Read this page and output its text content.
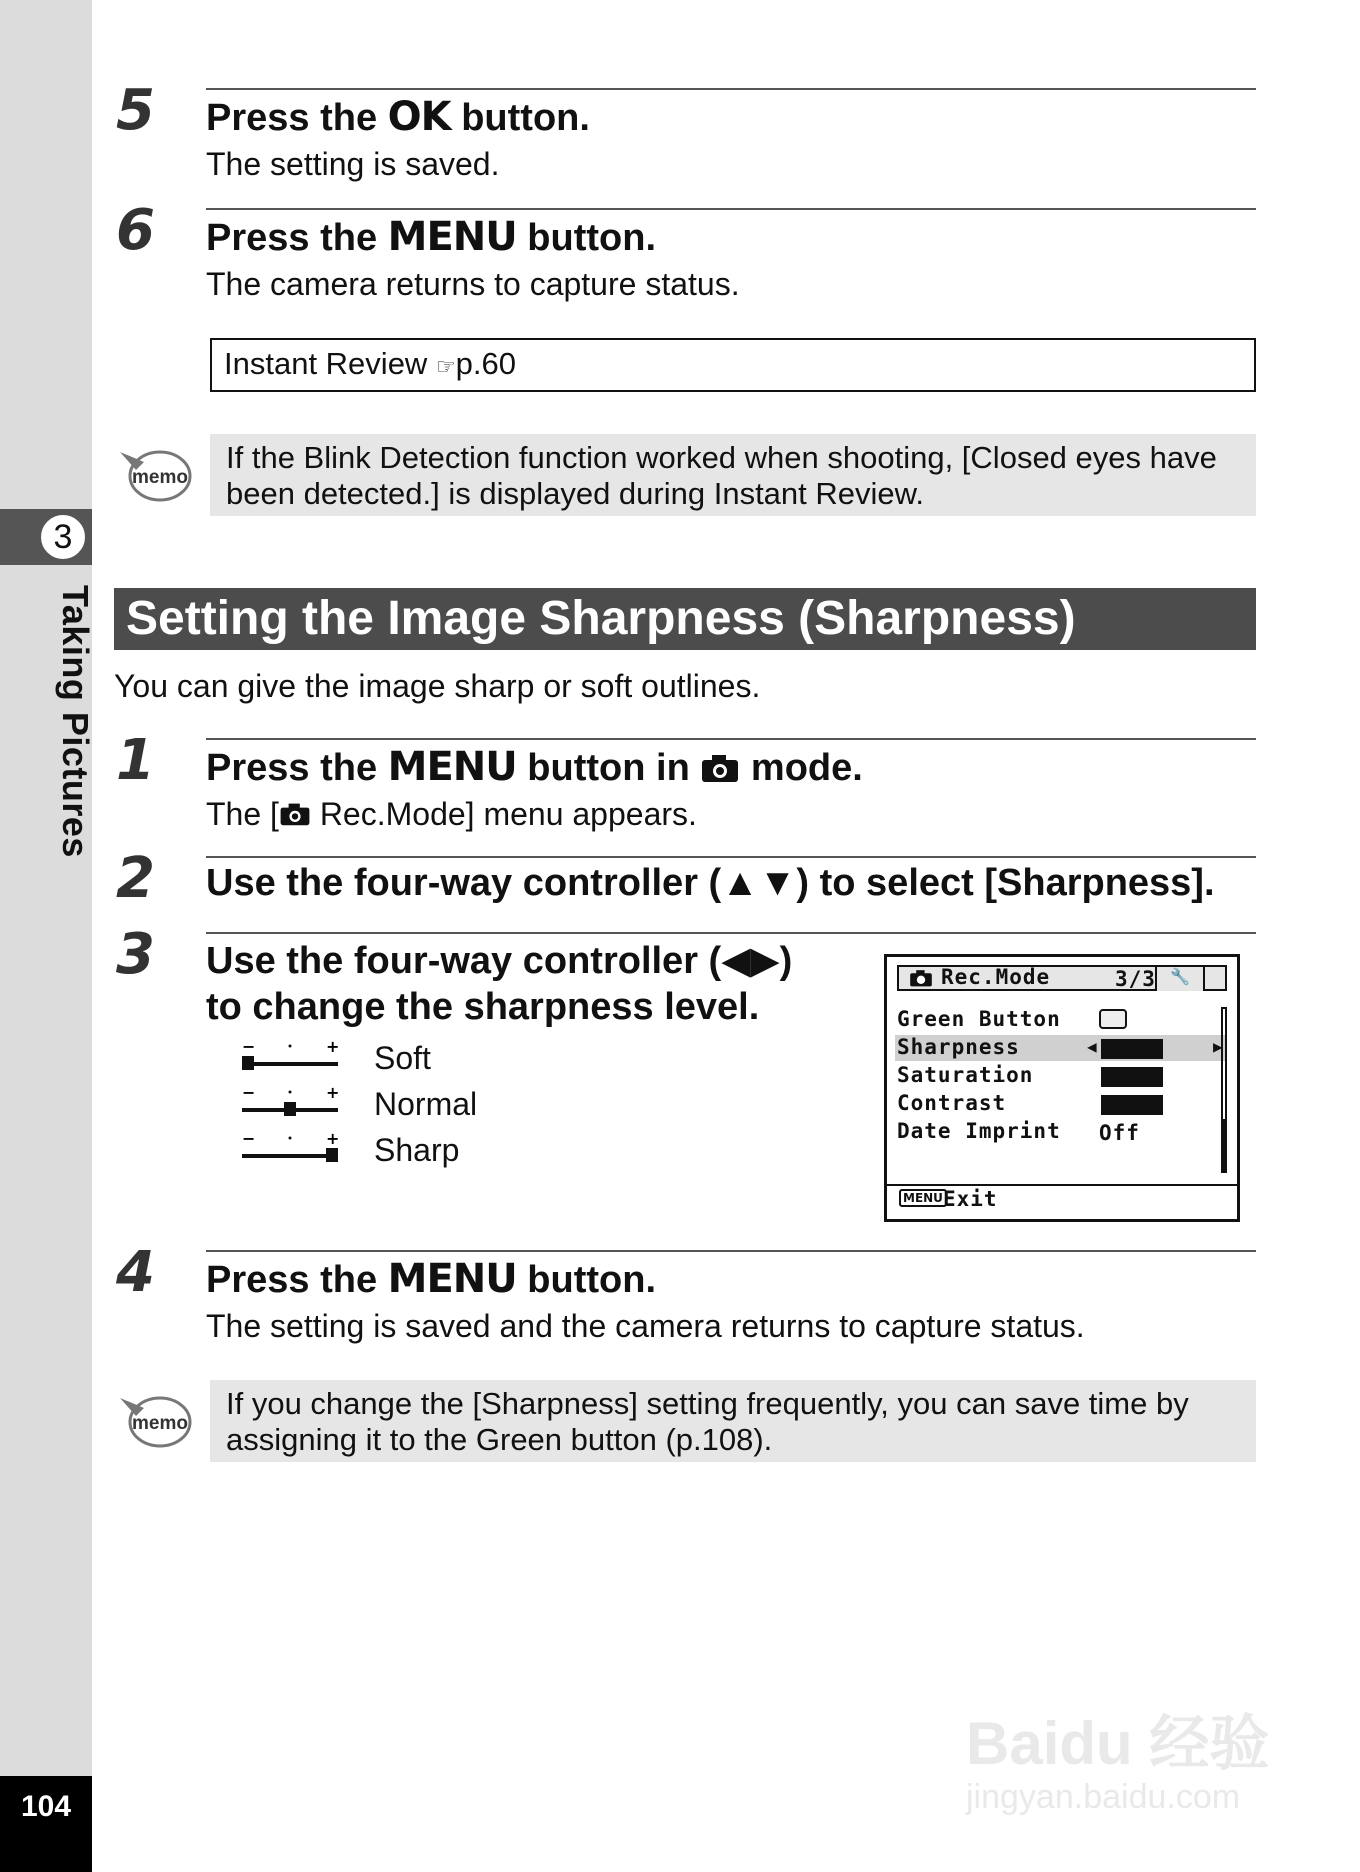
3
Taking Pictures
104
5 Press the OK button.
The setting is saved.
6 Press the MENU button.
The camera returns to capture status.
Instant Review ☞p.60
memo
If the Blink Detection function worked when shooting, [Closed eyes have
been detected.] is displayed during Instant Review.
Setting the Image Sharpness (Sharpness)
You can give the image sharp or soft outlines.
1 Press the MENU button in  mode.
The [ Rec.Mode] menu appears.
2 Use the four-way controller (▲▼) to select [Sharpness].
3 Use the four-way controller (◀▶)
to change the sharpness level.
−	+ Soft
−	+ Normal
−	+ Sharp
🔧
Rec.Mode	3/3
Green Button
Sharpness	◀	▶
Saturation
Contrast
Date Imprint Off
MENU Exit
4 Press the MENU button.
The setting is saved and the camera returns to capture status.
memo
If you change the [Sharpness] setting frequently, you can save time by
assigning it to the Green button (p.108).
Baidu 经验
jingyan.baidu.com
